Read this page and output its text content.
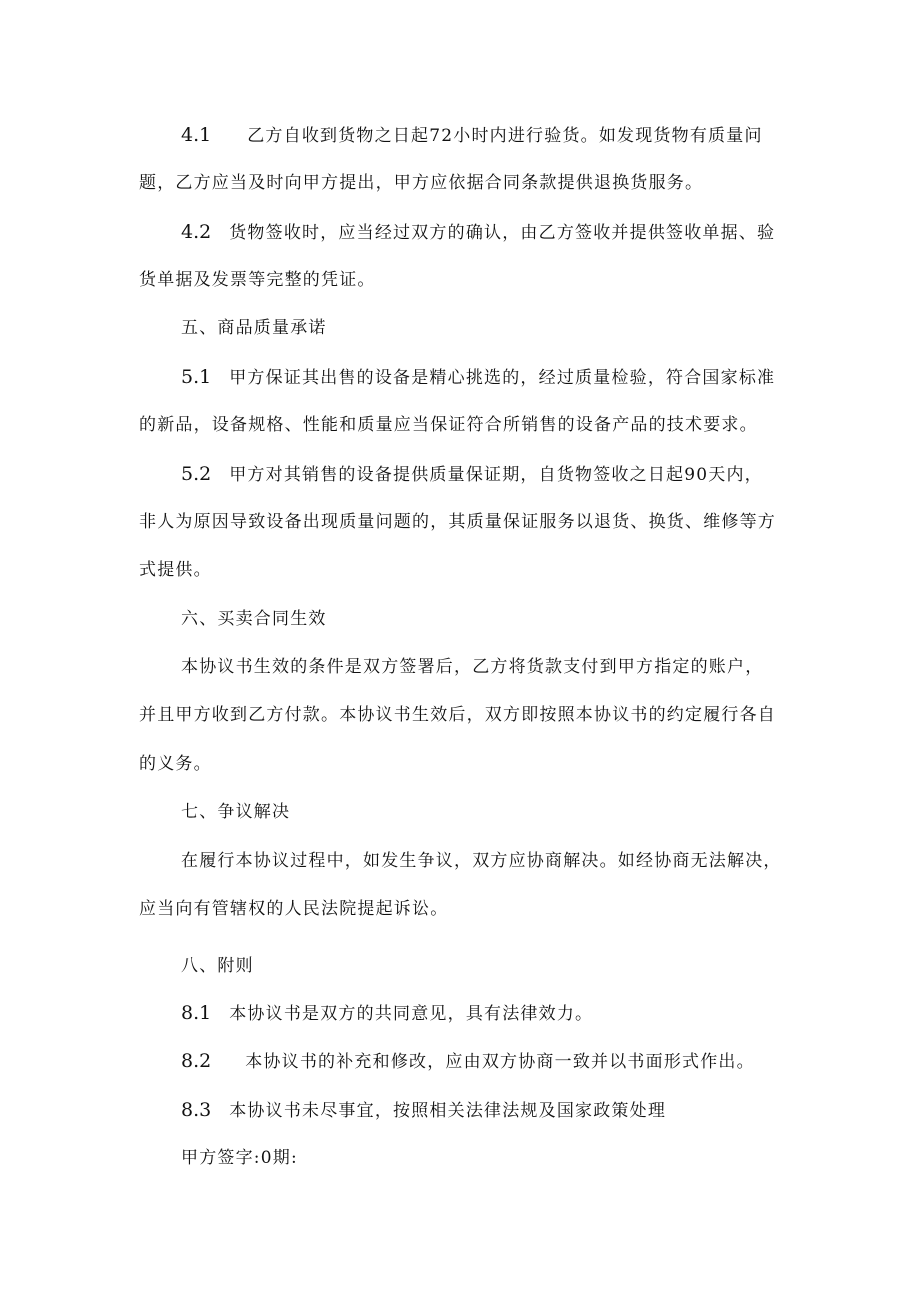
4.1 乙方自收到货物之日起72小时内进行验货。如发现货物有质量问
题，乙方应当及时向甲方提出，甲方应依据合同条款提供退换货服务。
4.2 货物签收时，应当经过双方的确认，由乙方签收并提供签收单据、验
货单据及发票等完整的凭证。
五、商品质量承诺
5.1 甲方保证其出售的设备是精心挑选的，经过质量检验，符合国家标准
的新品，设备规格、性能和质量应当保证符合所销售的设备产品的技术要求。
5.2 甲方对其销售的设备提供质量保证期，自货物签收之日起90天内，
非人为原因导致设备出现质量问题的，其质量保证服务以退货、换货、维修等方
式提供。
六、买卖合同生效
本协议书生效的条件是双方签署后，乙方将货款支付到甲方指定的账户，
并且甲方收到乙方付款。本协议书生效后，双方即按照本协议书的约定履行各自
的义务。
七、争议解决
在履行本协议过程中，如发生争议，双方应协商解决。如经协商无法解决，
应当向有管辖权的人民法院提起诉讼。
八、附则
8.1 本协议书是双方的共同意见，具有法律效力。
8.2 本协议书的补充和修改，应由双方协商一致并以书面形式作出。
8.3 本协议书未尽事宜，按照相关法律法规及国家政策处理
甲方签字:0期:
